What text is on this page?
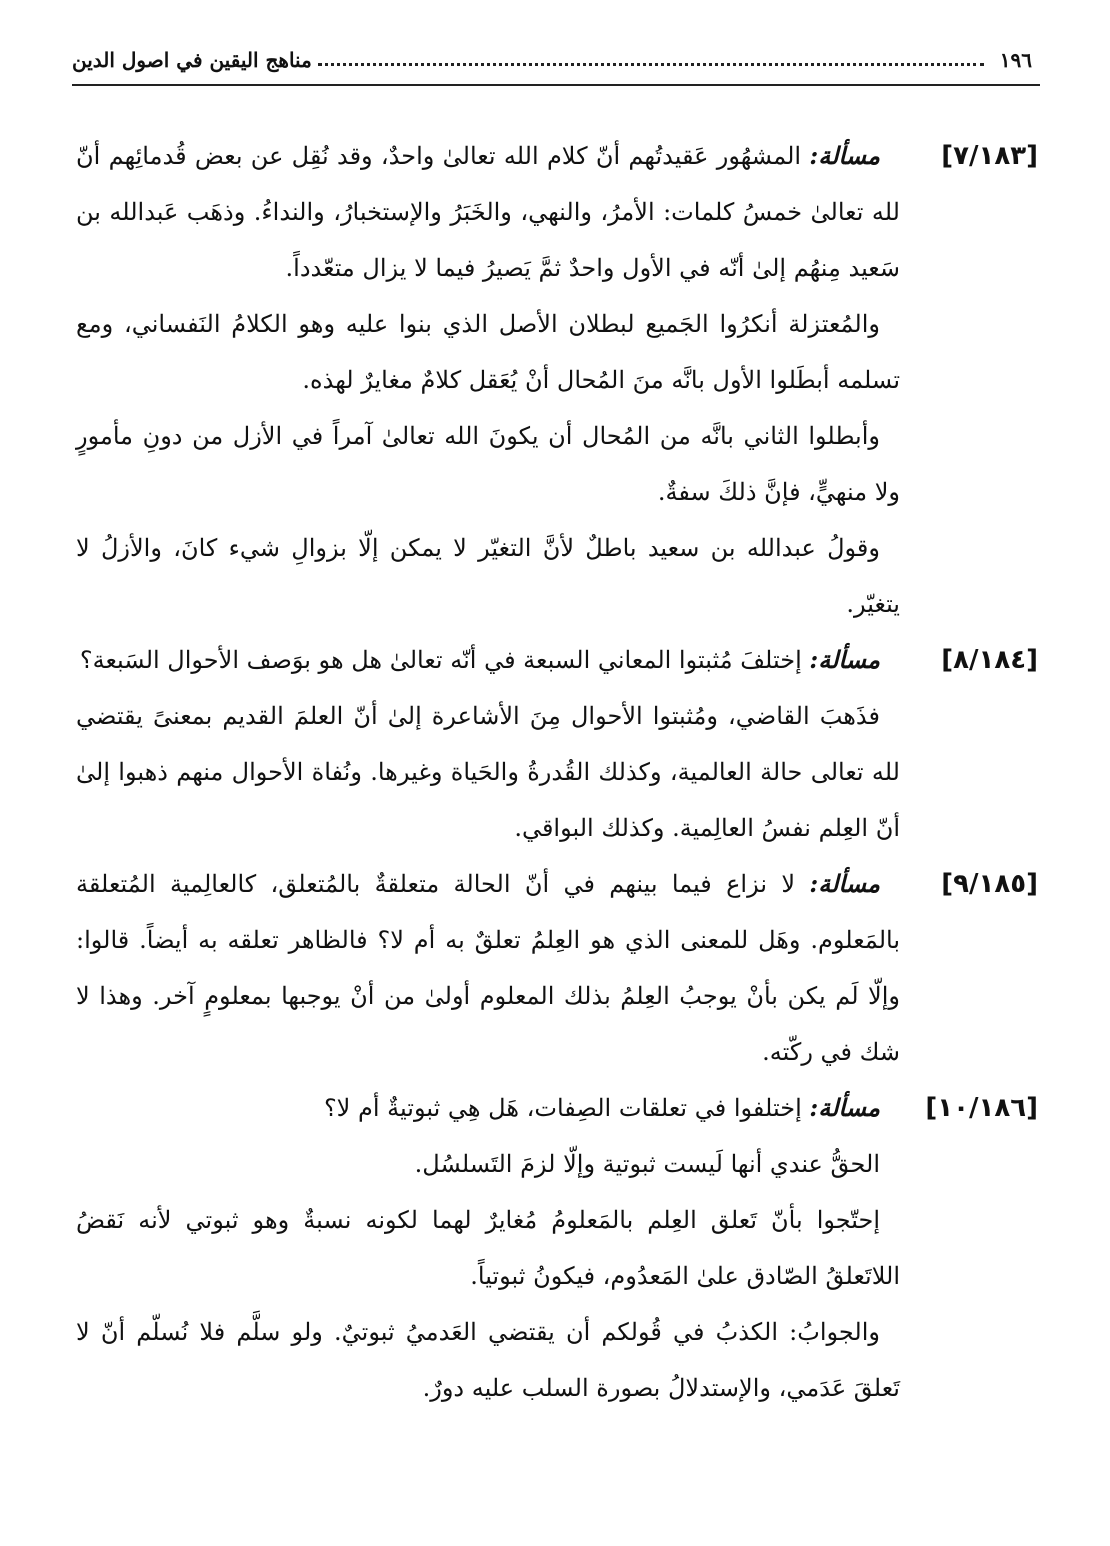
١٩٦
مناهج اليقين في اصول الدين
[٧/١٨٣]

مسألة: المشهُور عَقيدتُهم أنّ كلام الله تعالىٰ واحدٌ، وقد نُقِل عن بعض قُدمائِهم أنّ لله تعالىٰ خمسُ كلمات: الأمرُ، والنهي، والخَبَرُ والإستخبارُ، والنداءُ. وذهَب عَبدالله بن سَعيد مِنهُم إلىٰ أنّه في الأول واحدٌ ثمَّ يَصيرُ فيما لا يزال متعّدداً.

والمُعتزلة أنكرُوا الجَميع لبطلان الأصل الذي بنوا عليه وهو الكلامُ النَفساني، ومع تسلمه أبطَلوا الأول بانَّه منَ المُحال أنْ يُعَقل كلامٌ مغايرٌ لهذه.

وأبطلوا الثاني بانَّه من المُحال أن يكونَ الله تعالىٰ آمراً في الأزل من دونِ مأمورٍ ولا منهيٍّ، فإنَّ ذلكَ سفةٌ.

وقولُ عبدالله بن سعيد باطلٌ لأنَّ التغيّر لا يمكن إلّا بزوالِ شيء كانَ، والأزلُ لا يتغيّر.

[٨/١٨٤]

مسألة: إختلفَ مُثبتوا المعاني السبعة في أنّه تعالىٰ هل هو بوَصف الأحوال السَبعة؟

فذَهبَ القاضي، ومُثبتوا الأحوال مِنَ الأشاعرة إلىٰ أنّ العلمَ القديم بمعنىً يقتضي لله تعالى حالة العالمية، وكذلك القُدرةُ والحَياة وغيرها. ونُفاة الأحوال منهم ذهبوا إلىٰ أنّ العِلم نفسُ العالِمية. وكذلك البواقي.

[٩/١٨٥]

مسألة: لا نزاع فيما بينهم في أنّ الحالة متعلقةٌ بالمُتعلق، كالعالِمية المُتعلقة بالمَعلوم. وهَل للمعنى الذي هو العِلمُ تعلقٌ به أم لا؟ فالظاهر تعلقه به أيضاً. قالوا: وإلّا لَم يكن بأنْ يوجبُ العِلمُ بذلك المعلوم أولىٰ من أنْ يوجبها بمعلومٍ آخر. وهذا لا شك في ركّته.

[١٠/١٨٦]

مسألة: إختلفوا في تعلقات الصِفات، هَل هِي ثبوتيةٌ أم لا؟

الحقُّ عندي أنها لَيست ثبوتية وإلّا لزمَ التَسلسُل.

إحتّجوا بأنّ تَعلق العِلم بالمَعلومُ مُغايرٌ لهما لكونه نسبةٌ وهو ثبوتي لأنه نَقضُ اللاتَعلقُ الصّادق علىٰ المَعدُوم، فيكونُ ثبوتياً.

والجوابُ: الكذبُ في قُولكم أن يقتضي العَدميُ ثبوتيٌ. ولو سلَّم فلا نُسلّم أنّ لا تَعلقَ عَدَمي، والإستدلالُ بصورة السلب عليه دورٌ.
